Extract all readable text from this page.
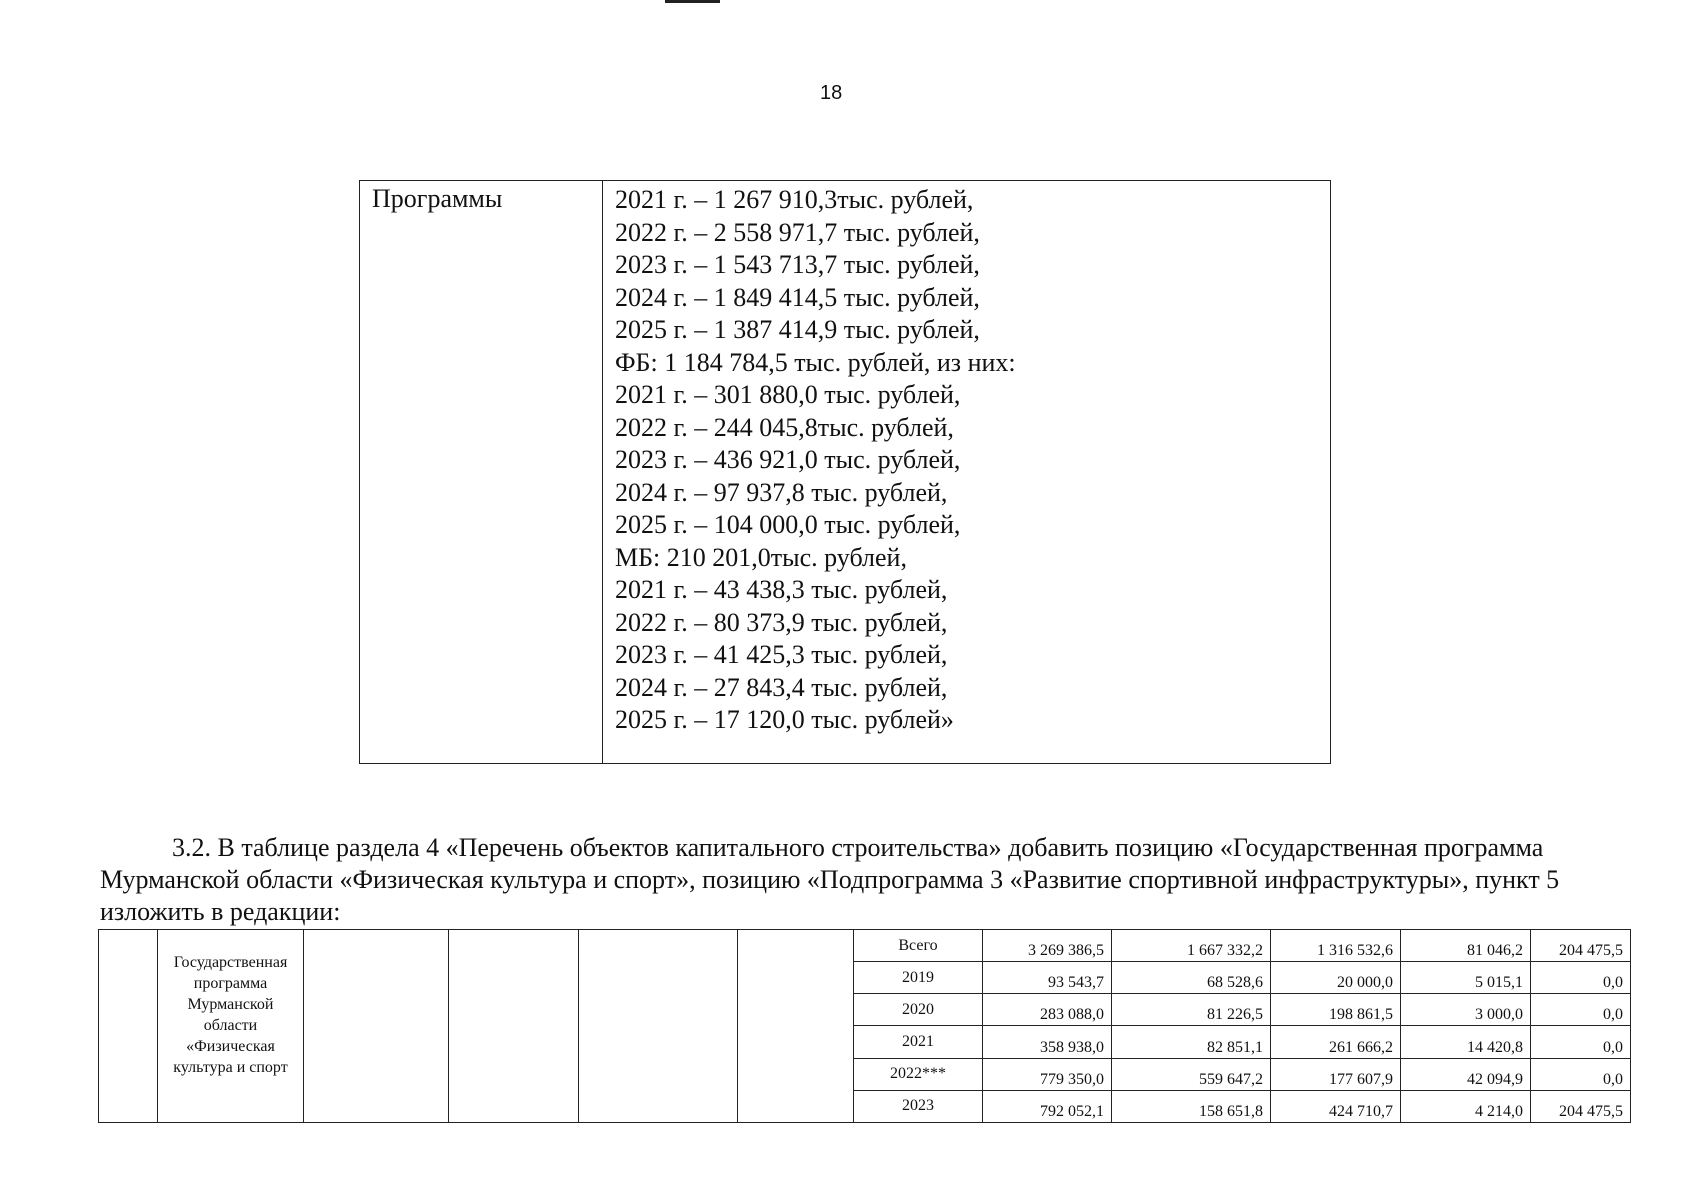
18
Программы	2021 г. – 1 267 910,3тыс. рублей,
2022 г. – 2 558 971,7 тыс. рублей,
2023 г. – 1 543 713,7 тыс. рублей,
2024 г. – 1 849 414,5 тыс. рублей,
2025 г. – 1 387 414,9 тыс. рублей,
ФБ: 1 184 784,5 тыс. рублей, из них:
2021 г. – 301 880,0 тыс. рублей,
2022 г. – 244 045,8тыс. рублей,
2023 г. – 436 921,0 тыс. рублей,
2024 г. – 97 937,8 тыс. рублей,
2025 г. – 104 000,0 тыс. рублей,
МБ: 210 201,0тыс. рублей,
2021 г. – 43 438,3 тыс. рублей,
2022 г. – 80 373,9 тыс. рублей,
2023 г. – 41 425,3 тыс. рублей,
2024 г. – 27 843,4 тыс. рублей,
2025 г. – 17 120,0 тыс. рублей»
3.2. В таблице раздела 4 «Перечень объектов капитального строительства» добавить позицию «Государственная программа Мурманской области «Физическая культура и спорт», позицию «Подпрограмма 3 «Развитие спортивной инфраструктуры», пункт 5 изложить в редакции:
	Государственная программа Мурманской области «Физическая культура и спорт					Всего	3 269 386,5	1 667 332,2	1 316 532,6	81 046,2	204 475,5
						2019	93 543,7	68 528,6	20 000,0	5 015,1	0,0
						2020	283 088,0	81 226,5	198 861,5	3 000,0	0,0
						2021	358 938,0	82 851,1	261 666,2	14 420,8	0,0
						2022***	779 350,0	559 647,2	177 607,9	42 094,9	0,0
						2023	792 052,1	158 651,8	424 710,7	4 214,0	204 475,5
